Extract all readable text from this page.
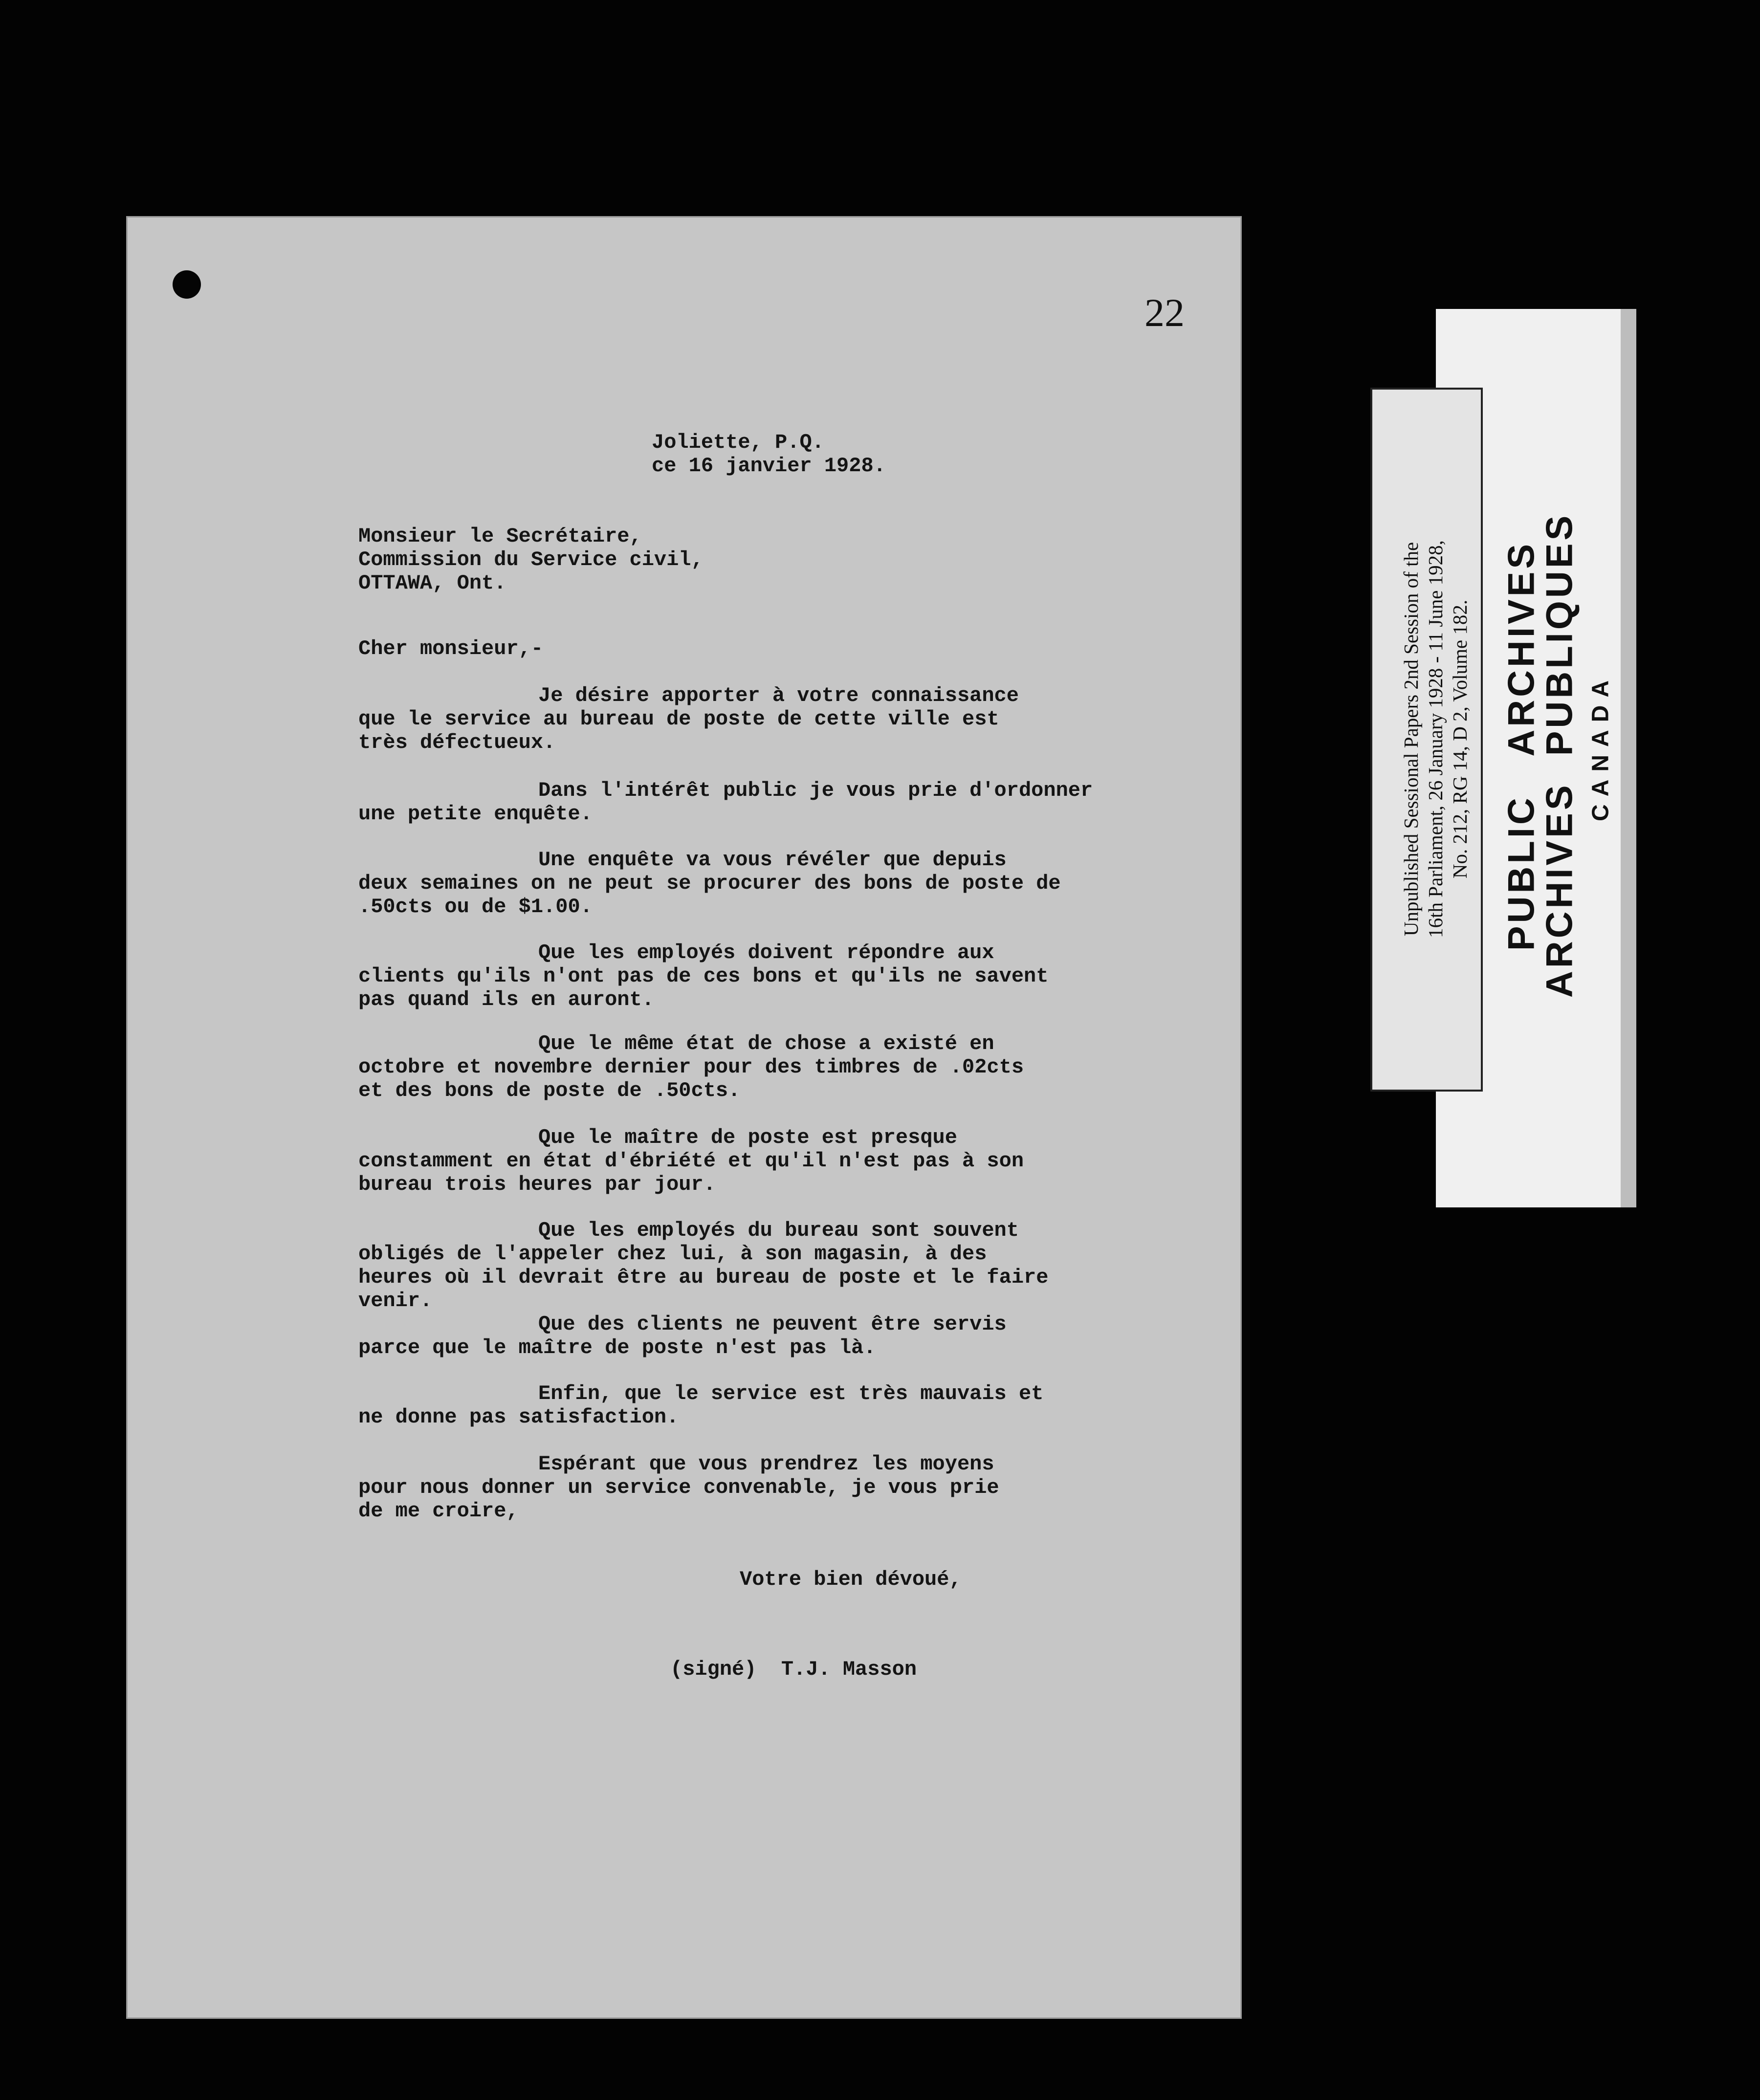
22

Joliette, P.Q.

ce 16 janvier 1928.

Monsieur le Secrétaire,

Commission du Service civil,

OTTAWA, Ont.

Cher monsieur,-

Je désire apporter à votre connaissance

que le service au bureau de poste de cette ville est

très défectueux.

Dans l'intérêt public je vous prie d'ordonner

une petite enquête.

Une enquête va vous révéler que depuis

deux semaines on ne peut se procurer des bons de poste de

.50cts ou de $1.00.

Que les employés doivent répondre aux

clients qu'ils n'ont pas de ces bons et qu'ils ne savent

pas quand ils en auront.

Que le même état de chose a existé en

octobre et novembre dernier pour des timbres de .02cts

et des bons de poste de .50cts.

Que le maître de poste est presque

constamment en état d'ébriété et qu'il n'est pas à son

bureau trois heures par jour.

Que les employés du bureau sont souvent

obligés de l'appeler chez lui, à son magasin, à des

heures où il devrait être au bureau de poste et le faire

venir.

Que des clients ne peuvent être servis

parce que le maître de poste n'est pas là.

Enfin, que le service est très mauvais et

ne donne pas satisfaction.

Espérant que vous prendrez les moyens

pour nous donner un service convenable, je vous prie

de me croire,

Votre bien dévoué,

(signé)  T.J. Masson

Unpublished Sessional Papers 2nd Session of the 16th Parliament, 26 January 1928 - 11 June 1928, No. 212, RG 14, D 2, Volume 182. PUBLIC   ARCHIVES
ARCHIVES  PUBLIQUES CANADA
